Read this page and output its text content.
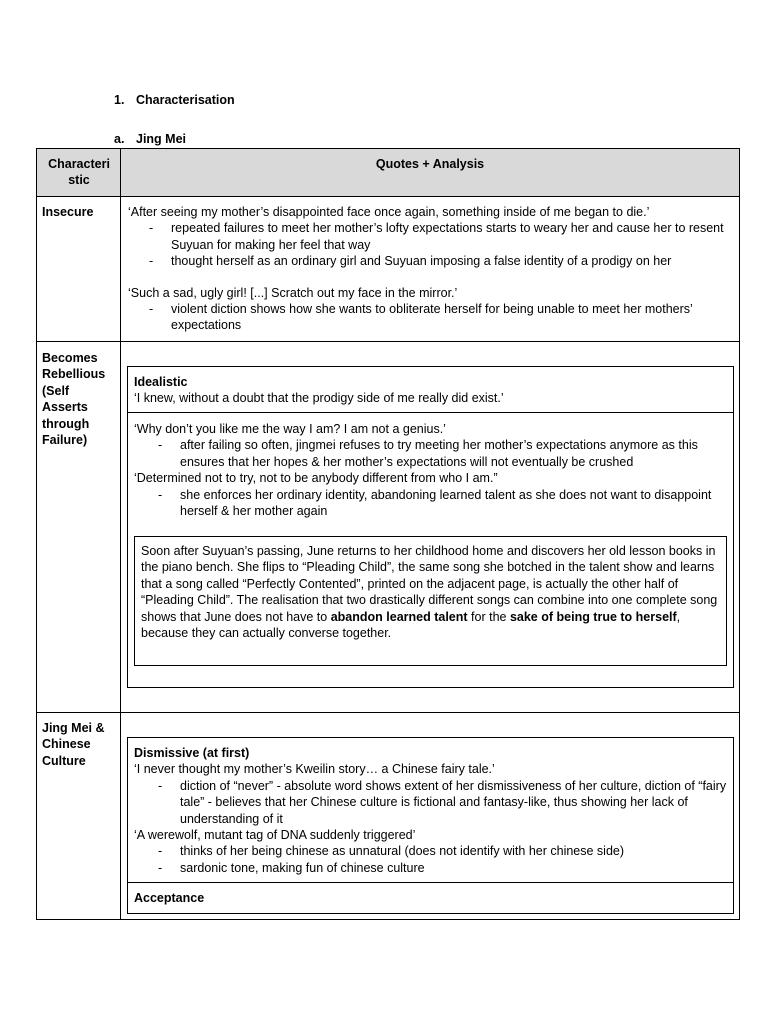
1. Characterisation
a. Jing Mei
Characteri
stic
Quotes + Analysis
Insecure	‘After seeing my mother’s disappointed face once again, something inside of me began to die.’

- repeated failures to meet her mother’s lofty expectations starts to weary her and cause her to resent Suyuan for making her feel that way
- thought herself as an ordinary girl and Suyuan imposing a false identity of a prodigy on her

‘Such a sad, ugly girl! [...] Scratch out my face in the mirror.’

- violent diction shows how she wants to obliterate herself for being unable to meet her mothers’ expectations
Becomes Rebellious (Self Asserts through Failure)

Idealistic

‘I knew, without a doubt that the prodigy side of me really did exist.’

‘Why don’t you like me the way I am? I am not a genius.’

- after failing so often, jingmei refuses to try meeting her mother’s expectations anymore as this ensures that her hopes & her mother’s expectations will not eventually be crushed

‘Determined not to try, not to be anybody different from who I am.”

- she enforces her ordinary identity, abandoning learned talent as she does not want to disappoint herself & her mother again
Soon after Suyuan’s passing, June returns to her childhood home and discovers her old lesson books in the piano bench. She flips to “Pleading Child”, the same song she botched in the talent show and learns that a song called “Perfectly Contented”, printed on the adjacent page, is actually the other half of “Pleading Child”. The realisation that two drastically different songs can combine into one complete song shows that June does not have to abandon learned talent for the sake of being true to herself, because they can actually converse together.
Jing Mei & Chinese Culture

Dismissive (at first)

‘I never thought my mother’s Kweilin story… a Chinese fairy tale.’

- diction of “never” - absolute word shows extent of her dismissiveness of her culture, diction of “fairy tale” - believes that her Chinese culture is fictional and fantasy-like, thus showing her lack of understanding of it

‘A werewolf, mutant tag of DNA suddenly triggered’

- thinks of her being chinese as unnatural (does not identify with her chinese side)
- sardonic tone, making fun of chinese culture
Acceptance
